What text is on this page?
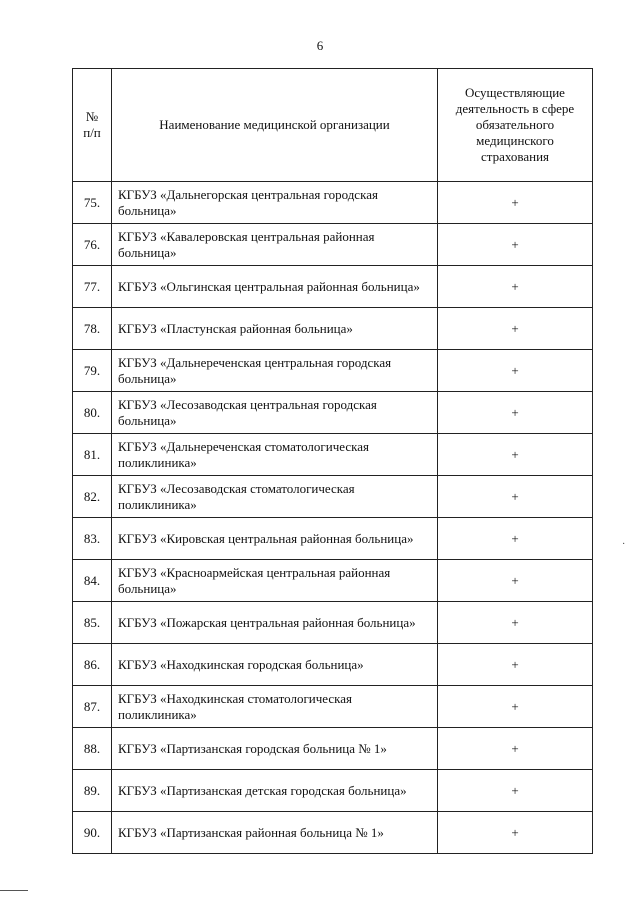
6
№
п/п	Наименование медицинской организации	Осуществляющие деятельность в сфере обязательного медицинского страхования
75.	КГБУЗ «Дальнегорская центральная городская больница»	+
76.	КГБУЗ «Кавалеровская центральная районная больница»	+
77.	КГБУЗ «Ольгинская центральная районная больница»	+
78.	КГБУЗ «Пластунская районная больница»	+
79.	КГБУЗ «Дальнереченская центральная городская больница»	+
80.	КГБУЗ «Лесозаводская центральная городская больница»	+
81.	КГБУЗ «Дальнереченская стоматологическая поликлиника»	+
82.	КГБУЗ «Лесозаводская стоматологическая поликлиника»	+
83.	КГБУЗ «Кировская центральная районная больница»	+
84.	КГБУЗ «Красноармейская центральная районная больница»	+
85.	КГБУЗ «Пожарская центральная районная больница»	+
86.	КГБУЗ «Находкинская городская больница»	+
87.	КГБУЗ «Находкинская стоматологическая поликлиника»	+
88.	КГБУЗ «Партизанская городская больница № 1»	+
89.	КГБУЗ «Партизанская детская городская больница»	+
90.	КГБУЗ «Партизанская районная больница № 1»	+
·
